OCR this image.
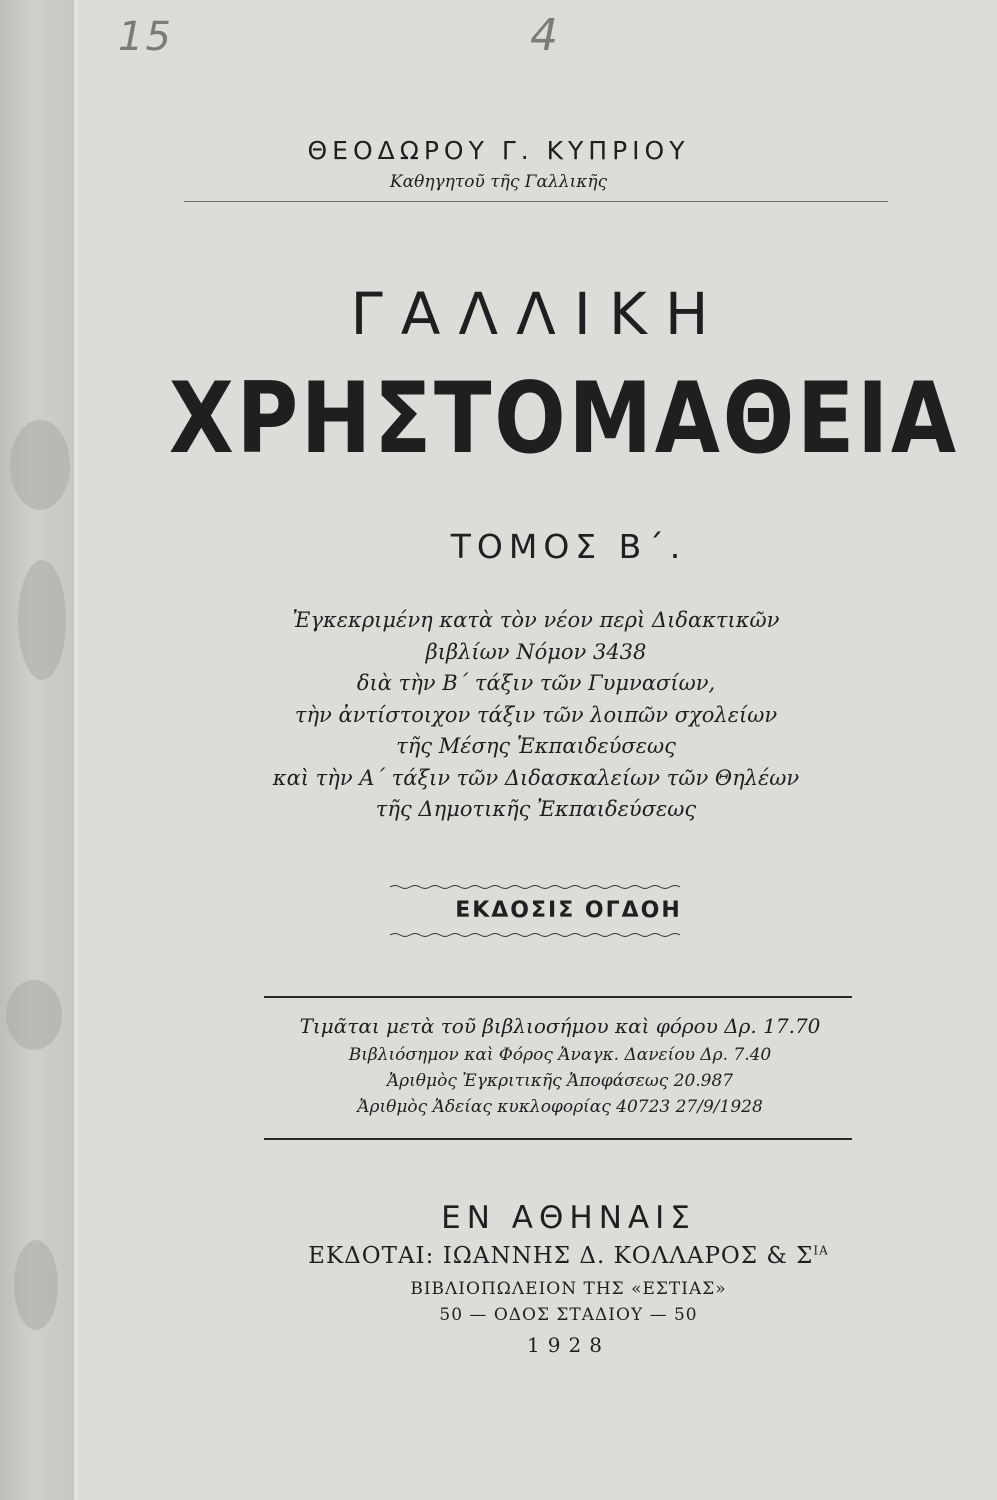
4
15
ΘΕΟΔΩΡΟΥ Γ. ΚΥΠΡΙΟΥ
Καθηγητοῦ τῆς Γαλλικῆς
ΓΑΛΛΙΚΗ
ΧΡΗΣΤΟΜΑΘΕΙΑ
ΤΟΜΟΣ Β΄.
Ἐγκεκριμένη κατὰ τὸν νέον περὶ Διδακτικῶν
βιβλίων Νόμον 3438
διὰ τὴν Β΄ τάξιν τῶν Γυμνασίων,
τὴν ἀντίστοιχον τάξιν τῶν λοιπῶν σχολείων
τῆς Μέσης Ἐκπαιδεύσεως
καὶ τὴν Α΄ τάξιν τῶν Διδασκαλείων τῶν Θηλέων
τῆς Δημοτικῆς Ἐκπαιδεύσεως
ΕΚΔΟΣΙΣ ΟΓΔΟΗ
Τιμᾶται μετὰ τοῦ βιβλιοσήμου καὶ φόρου Δρ. 17.70
Βιβλιόσημον καὶ Φόρος Ἀναγκ. Δανείου Δρ. 7.40
Ἀριθμὸς Ἐγκριτικῆς Ἀποφάσεως 20.987
Ἀριθμὸς Ἀδείας κυκλοφορίας 40723 27/9/1928
ΕΝ ΑΘΗΝΑΙΣ
ΕΚΔΟΤΑΙ: ΙΩΑΝΝΗΣ Δ. ΚΟΛΛΑΡΟΣ & $\Sigma^{IA}$
ΒΙΒΛΙΟΠΩΛΕΙΟΝ ΤΗΣ «ΕΣΤΙΑΣ»
50 — ΟΔΟΣ ΣΤΑΔΙΟΥ — 50
1928
